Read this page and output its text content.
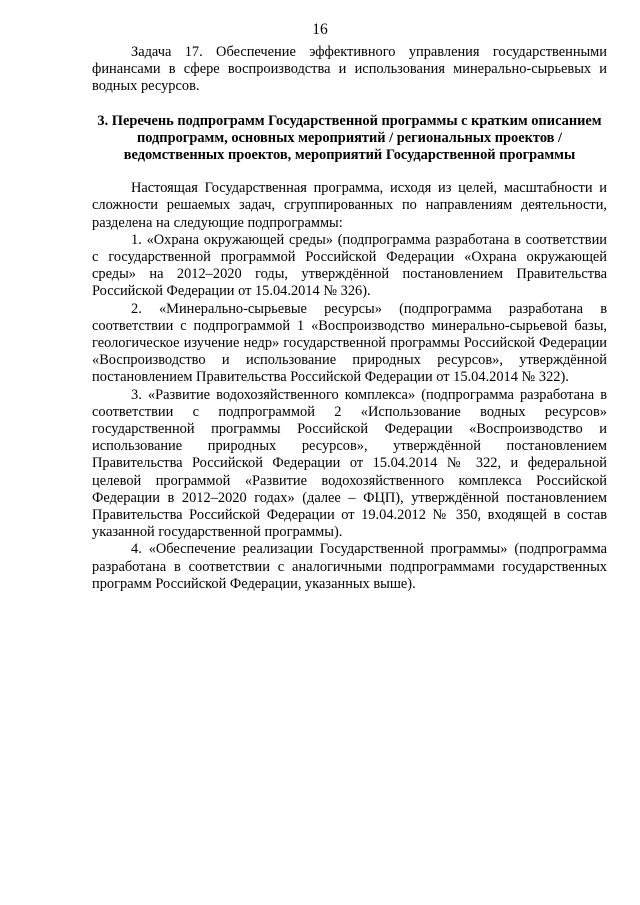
16

Задача 17. Обеспечение эффективного управления государственными финансами в сфере воспроизводства и использования минерально-сырьевых и водных ресурсов.

3. Перечень подпрограмм Государственной программы с кратким описанием
подпрограмм, основных мероприятий / региональных проектов /
ведомственных проектов, мероприятий Государственной программы

Настоящая Государственная программа, исходя из целей, масштабности и сложности решаемых задач, сгруппированных по направлениям деятельности, разделена на следующие подпрограммы:

1. «Охрана окружающей среды» (подпрограмма разработана в соответствии с государственной программой Российской Федерации «Охрана окружающей среды» на 2012–2020 годы, утверждённой постановлением Правительства Российской Федерации от 15.04.2014 № 326).

2. «Минерально-сырьевые ресурсы» (подпрограмма разработана в соответствии с подпрограммой 1 «Воспроизводство минерально-сырьевой базы, геологическое изучение недр» государственной программы Российской Федерации «Воспроизводство и использование природных ресурсов», утверждённой постановлением Правительства Российской Федерации от 15.04.2014 № 322).

3. «Развитие водохозяйственного комплекса» (подпрограмма разработана в соответствии с подпрограммой 2 «Использование водных ресурсов» государственной программы Российской Федерации «Воспроизводство и использование природных ресурсов», утверждённой постановлением Правительства Российской Федерации от 15.04.2014 № 322, и федеральной целевой программой «Развитие водохозяйственного комплекса Российской Федерации в 2012–2020 годах» (далее – ФЦП), утверждённой постановлением Правительства Российской Федерации от 19.04.2012 № 350, входящей в состав указанной государственной программы).

4. «Обеспечение реализации Государственной программы» (подпрограмма разработана в соответствии с аналогичными подпрограммами государственных программ Российской Федерации, указанных выше).
